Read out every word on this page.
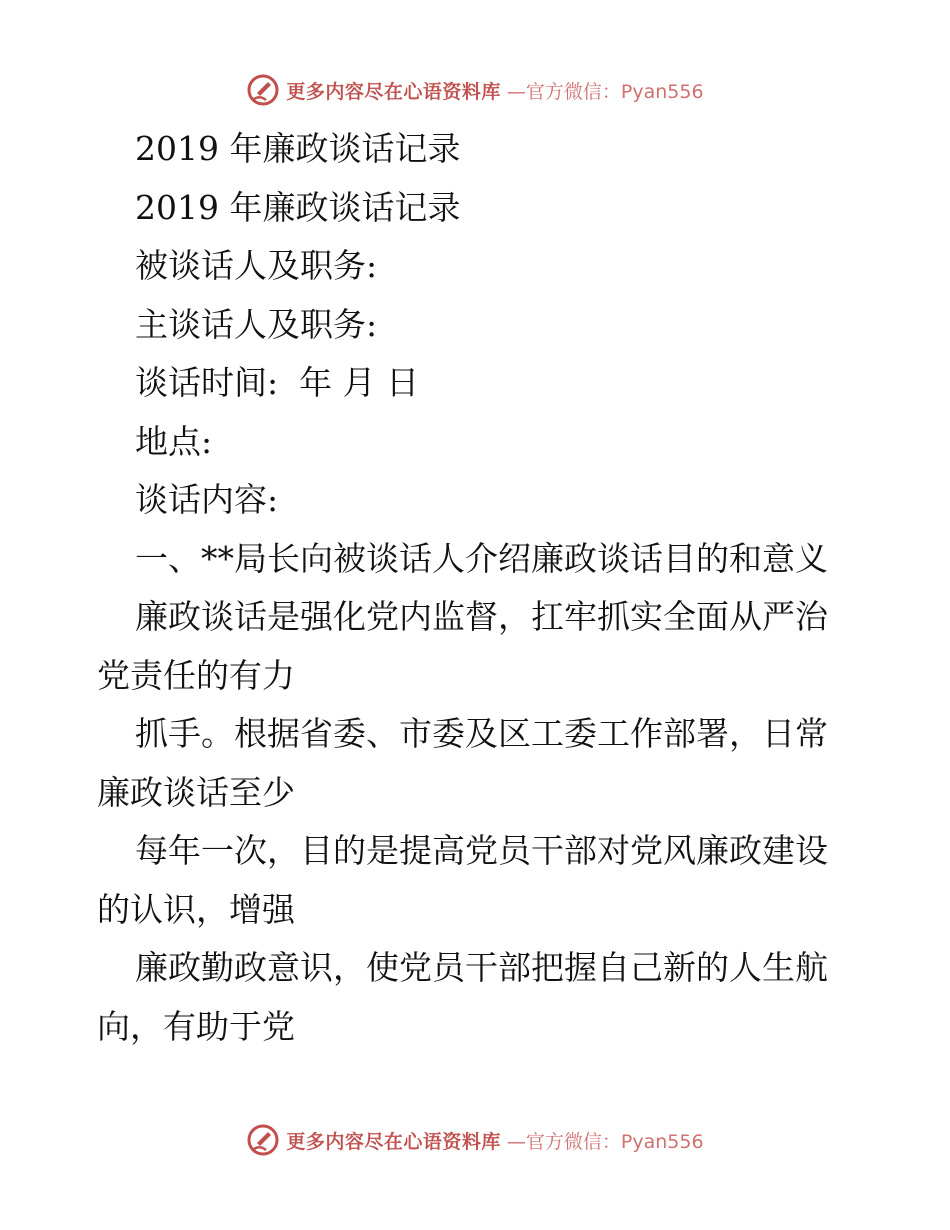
更多内容尽在心语资料库 —官方微信：Pyan556

2019 年廉政谈话记录

2019 年廉政谈话记录

被谈话人及职务:

主谈话人及职务:

谈话时间:  年 月 日

地点:

谈话内容:

一、**局长向被谈话人介绍廉政谈话目的和意义

廉政谈话是强化党内监督，扛牢抓实全面从严治党责任的有力

抓手。根据省委、市委及区工委工作部署，日常廉政谈话至少

每年一次，目的是提高党员干部对党风廉政建设的认识，增强

廉政勤政意识，使党员干部把握自己新的人生航向，有助于党

更多内容尽在心语资料库 —官方微信：Pyan556
